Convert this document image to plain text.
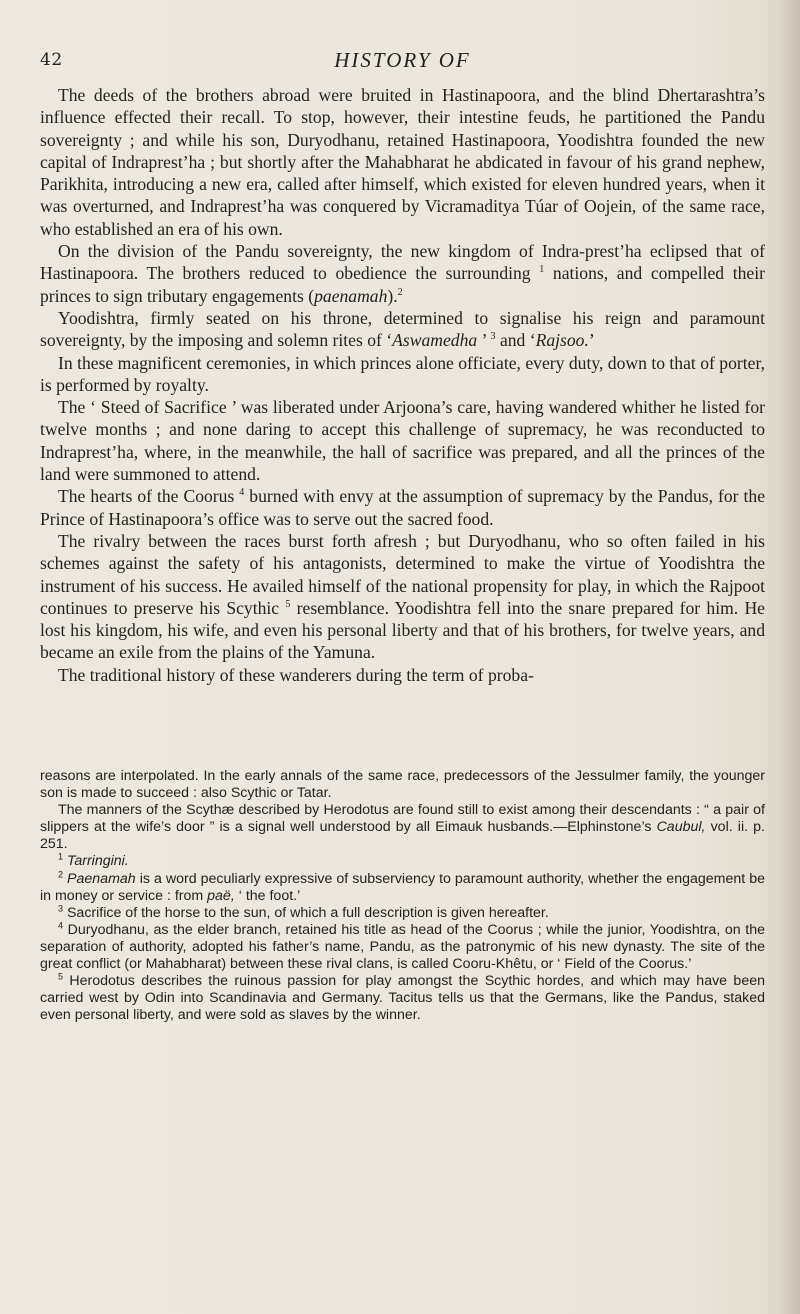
42	HISTORY OF

The deeds of the brothers abroad were bruited in Hastinapoora, and the blind Dhertarashtra’s influence effected their recall. To stop, however, their intestine feuds, he partitioned the Pandu sovereignty ; and while his son, Duryodhanu, retained Hastinapoora, Yoodishtra founded the new capital of Indraprest’ha ; but shortly after the Mahabharat he abdicated in favour of his grand nephew, Parikhita, introducing a new era, called after himself, which existed for eleven hundred years, when it was overturned, and Indraprest’ha was conquered by Vicramaditya Túar of Oojein, of the same race, who established an era of his own.

On the division of the Pandu sovereignty, the new kingdom of Indra-prest’ha eclipsed that of Hastinapoora. The brothers reduced to obedience the surrounding $^1$ nations, and compelled their princes to sign tributary engagements (paenamah).$^2$

Yoodishtra, firmly seated on his throne, determined to signalise his reign and paramount sovereignty, by the imposing and solemn rites of ‘Aswamedha ’ $^3$ and ‘Rajsoo.’

In these magnificent ceremonies, in which princes alone officiate, every duty, down to that of porter, is performed by royalty.

The ‘ Steed of Sacrifice ’ was liberated under Arjoona’s care, having wandered whither he listed for twelve months ; and none daring to accept this challenge of supremacy, he was reconducted to Indraprest’ha, where, in the meanwhile, the hall of sacrifice was prepared, and all the princes of the land were summoned to attend.

The hearts of the Coorus $^4$ burned with envy at the assumption of supremacy by the Pandus, for the Prince of Hastinapoora’s office was to serve out the sacred food.

The rivalry between the races burst forth afresh ; but Duryodhanu, who so often failed in his schemes against the safety of his antagonists, determined to make the virtue of Yoodishtra the instrument of his success. He availed himself of the national propensity for play, in which the Rajpoot continues to preserve his Scythic $^5$ resemblance. Yoodishtra fell into the snare prepared for him. He lost his kingdom, his wife, and even his personal liberty and that of his brothers, for twelve years, and became an exile from the plains of the Yamuna.

The traditional history of these wanderers during the term of proba-

reasons are interpolated. In the early annals of the same race, predecessors of the Jessulmer family, the younger son is made to succeed : also Scythic or Tatar.

The manners of the Scythæ described by Herodotus are found still to exist among their descendants : “ a pair of slippers at the wife’s door ” is a signal well understood by all Eimauk husbands.—Elphinstone’s Caubul, vol. ii. p. 251.

$^1$ Tarringini.

$^2$ Paenamah is a word peculiarly expressive of subserviency to paramount authority, whether the engagement be in money or service : from paë, ‘ the foot.’

$^3$ Sacrifice of the horse to the sun, of which a full description is given hereafter.

$^4$ Duryodhanu, as the elder branch, retained his title as head of the Coorus ; while the junior, Yoodishtra, on the separation of authority, adopted his father’s name, Pandu, as the patronymic of his new dynasty. The site of the great conflict (or Mahabharat) between these rival clans, is called Cooru-Khêtu, or ‘ Field of the Coorus.’

$^5$ Herodotus describes the ruinous passion for play amongst the Scythic hordes, and which may have been carried west by Odin into Scandinavia and Germany. Tacitus tells us that the Germans, like the Pandus, staked even personal liberty, and were sold as slaves by the winner.
